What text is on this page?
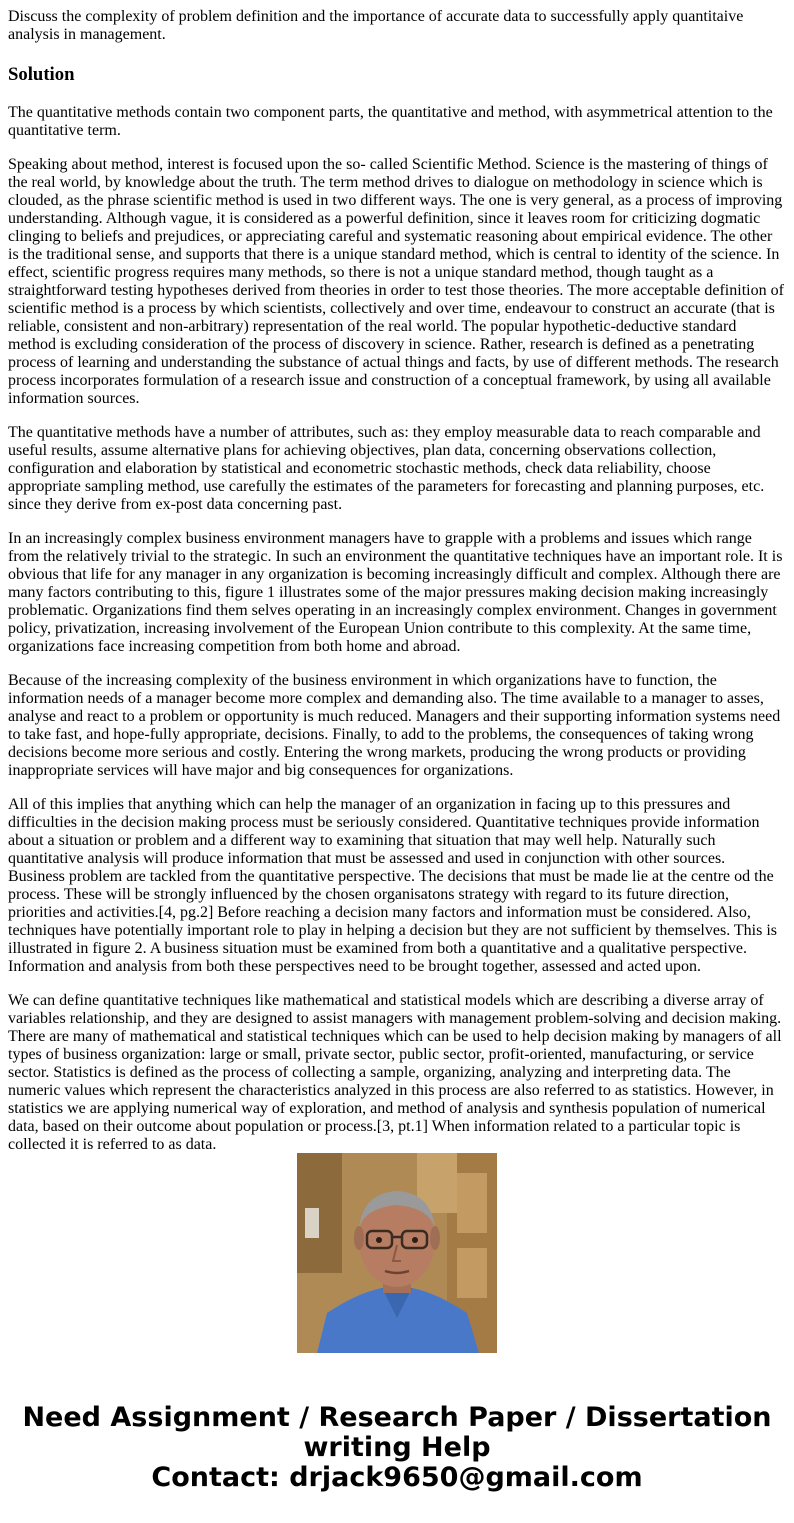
Discuss the complexity of problem definition and the importance of accurate data to successfully apply quantitaive analysis in management.

Solution

The quantitative methods contain two component parts, the quantitative and method, with asymmetrical attention to the quantitative term.

Speaking about method, interest is focused upon the so- called Scientific Method. Science is the mastering of things of the real world, by knowledge about the truth. The term method drives to dialogue on methodology in science which is clouded, as the phrase scientific method is used in two different ways. The one is very general, as a process of improving understanding. Although vague, it is considered as a powerful definition, since it leaves room for criticizing dogmatic clinging to beliefs and prejudices, or appreciating careful and systematic reasoning about empirical evidence. The other is the traditional sense, and supports that there is a unique standard method, which is central to identity of the science. In effect, scientific progress requires many methods, so there is not a unique standard method, though taught as a straightforward testing hypotheses derived from theories in order to test those theories. The more acceptable definition of scientific method is a process by which scientists, collectively and over time, endeavour to construct an accurate (that is reliable, consistent and non-arbitrary) representation of the real world. The popular hypothetic-deductive standard method is excluding consideration of the process of discovery in science. Rather, research is defined as a penetrating process of learning and understanding the substance of actual things and facts, by use of different methods. The research process incorporates formulation of a research issue and construction of a conceptual framework, by using all available information sources.

The quantitative methods have a number of attributes, such as: they employ measurable data to reach comparable and useful results, assume alternative plans for achieving objectives, plan data, concerning observations collection, configuration and elaboration by statistical and econometric stochastic methods, check data reliability, choose appropriate sampling method, use carefully the estimates of the parameters for forecasting and planning purposes, etc. since they derive from ex-post data concerning past.

In an increasingly complex business environment managers have to grapple with a problems and issues which range from the relatively trivial to the strategic. In such an environment the quantitative techniques have an important role. It is obvious that life for any manager in any organization is becoming increasingly difficult and complex. Although there are many factors contributing to this, figure 1 illustrates some of the major pressures making decision making increasingly problematic. Organizations find them selves operating in an increasingly complex environment. Changes in government policy, privatization, increasing involvement of the European Union contribute to this complexity. At the same time, organizations face increasing competition from both home and abroad.

Because of the increasing complexity of the business environment in which organizations have to function, the information needs of a manager become more complex and demanding also. The time available to a manager to asses, analyse and react to a problem or opportunity is much reduced. Managers and their supporting information systems need to take fast, and hope-fully appropriate, decisions. Finally, to add to the problems, the consequences of taking wrong decisions become more serious and costly. Entering the wrong markets, producing the wrong products or providing inappropriate services will have major and big consequences for organizations.

All of this implies that anything which can help the manager of an organization in facing up to this pressures and difficulties in the decision making process must be seriously considered. Quantitative techniques provide information about a situation or problem and a different way to examining that situation that may well help. Naturally such quantitative analysis will produce information that must be assessed and used in conjunction with other sources. Business problem are tackled from the quantitative perspective. The decisions that must be made lie at the centre od the process. These will be strongly influenced by the chosen organisatons strategy with regard to its future direction, priorities and activities.[4, pg.2] Before reaching a decision many factors and information must be considered. Also, techniques have potentially important role to play in helping a decision but they are not sufficient by themselves. This is illustrated in figure 2. A business situation must be examined from both a quantitative and a qualitative perspective. Information and analysis from both these perspectives need to be brought together, assessed and acted upon.

We can define quantitative techniques like mathematical and statistical models which are describing a diverse array of variables relationship, and they are designed to assist managers with management problem-solving and decision making. There are many of mathematical and statistical techniques which can be used to help decision making by managers of all types of business organization: large or small, private sector, public sector, profit-oriented, manufacturing, or service sector. Statistics is defined as the process of collecting a sample, organizing, analyzing and interpreting data. The numeric values which represent the characteristics analyzed in this process are also referred to as statistics. However, in statistics we are applying numerical way of exploration, and method of analysis and synthesis population of numerical data, based on their outcome about population or process.[3, pt.1] When information related to a particular topic is collected it is referred to as data.

Need Assignment / Research Paper / Dissertation
writing Help
Contact: drjack9650@gmail.com
